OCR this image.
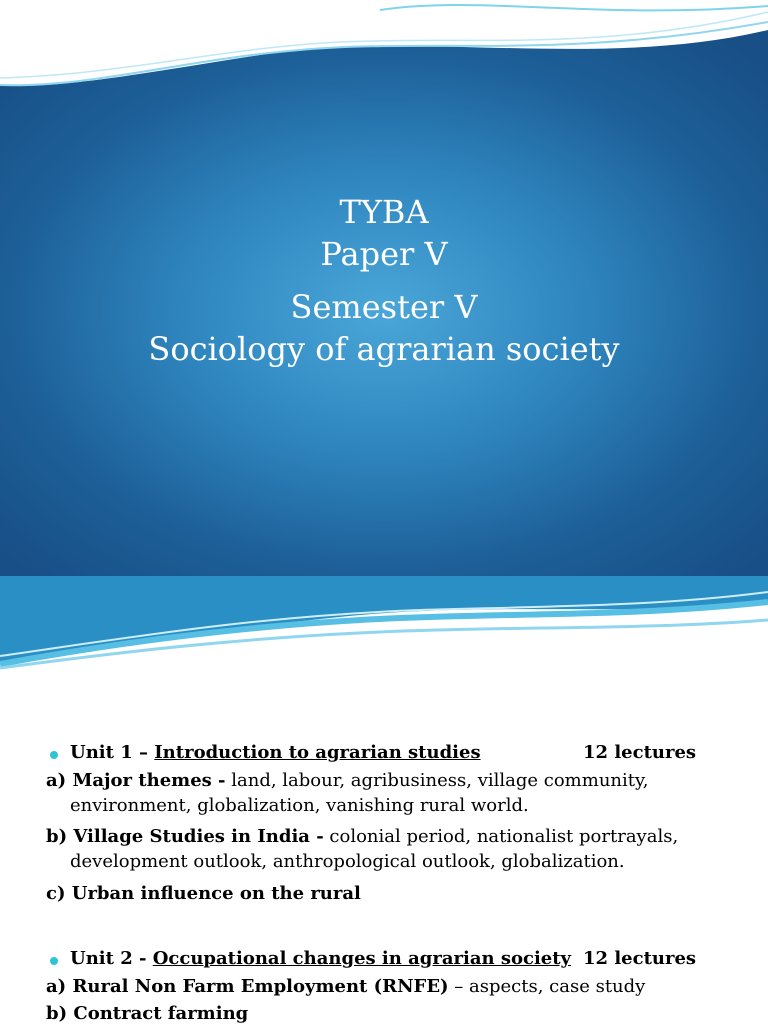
TYBA
Paper V
Semester V
Sociology of agrarian society
Unit 1 – Introduction to agrarian studies	12 lectures
a) Major themes - land, labour, agribusiness, village community,
environment, globalization, vanishing rural world.
b) Village Studies in India - colonial period, nationalist portrayals,
development outlook, anthropological outlook, globalization.
c) Urban influence on the rural
Unit 2 - Occupational changes in agrarian society 12 lectures
a) Rural Non Farm Employment (RNFE) – aspects, case study
b) Contract farming
